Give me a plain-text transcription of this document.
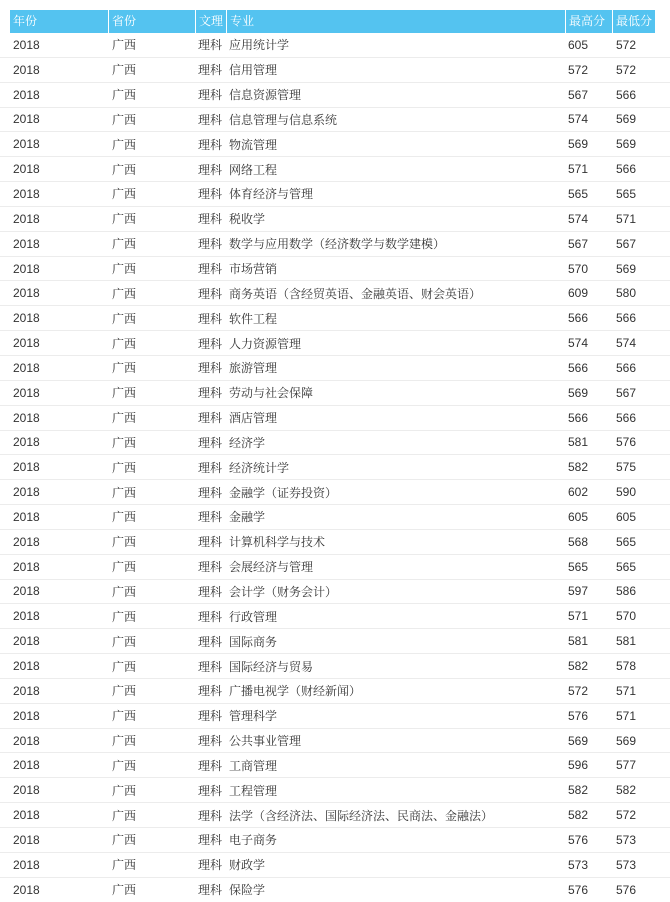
年份	省份	文理 专业	最高分 最低分
2018	广西	理科 应用统计学	605	572
2018	广西	理科 信用管理	572	572
2018	广西	理科 信息资源管理	567	566
2018	广西	理科 信息管理与信息系统	574	569
2018	广西	理科 物流管理	569	569
2018	广西	理科 网络工程	571	566
2018	广西	理科 体育经济与管理	565	565
2018	广西	理科 税收学	574	571
2018	广西	理科 数学与应用数学（经济数学与数学建模）	567	567
2018	广西	理科 市场营销	570	569
2018	广西	理科 商务英语（含经贸英语、金融英语、财会英语）	609	580
2018	广西	理科 软件工程	566	566
2018	广西	理科 人力资源管理	574	574
2018	广西	理科 旅游管理	566	566
2018	广西	理科 劳动与社会保障	569	567
2018	广西	理科 酒店管理	566	566
2018	广西	理科 经济学	581	576
2018	广西	理科 经济统计学	582	575
2018	广西	理科 金融学（证券投资）	602	590
2018	广西	理科 金融学	605	605
2018	广西	理科 计算机科学与技术	568	565
2018	广西	理科 会展经济与管理	565	565
2018	广西	理科 会计学（财务会计）	597	586
2018	广西	理科 行政管理	571	570
2018	广西	理科 国际商务	581	581
2018	广西	理科 国际经济与贸易	582	578
2018	广西	理科 广播电视学（财经新闻）	572	571
2018	广西	理科 管理科学	576	571
2018	广西	理科 公共事业管理	569	569
2018	广西	理科 工商管理	596	577
2018	广西	理科 工程管理	582	582
2018	广西	理科 法学（含经济法、国际经济法、民商法、金融法）	582	572
2018	广西	理科 电子商务	576	573
2018	广西	理科 财政学	573	573
2018	广西	理科 保险学	576	576
